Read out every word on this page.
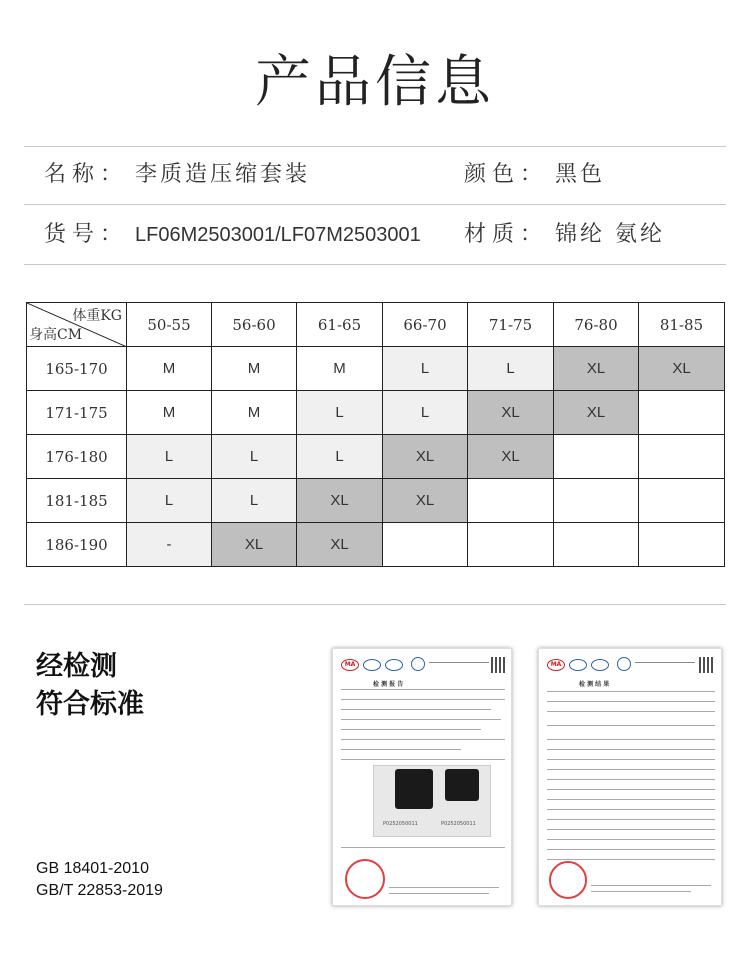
产品信息
名称： 李质造压缩套装	颜色： 黑色
货号： LF06M2503001/LF07M2503001 材质： 锦纶 氨纶
体重KG
身高CM	50-55	56-60	61-65	66-70	71-75	76-80	81-85
165-170	M	M	M	L	L	XL	XL
171-175	M	M	L	L	XL	XL	
176-180	L	L	L	XL	XL		
181-185	L	L	XL	XL			
186-190	-	XL	XL				
经检测
符合标准
GB 18401-2010
GB/T 22853-2019
MA
检 测 报 告
P0252050011	P0252050011
MA
检 测 结 果
